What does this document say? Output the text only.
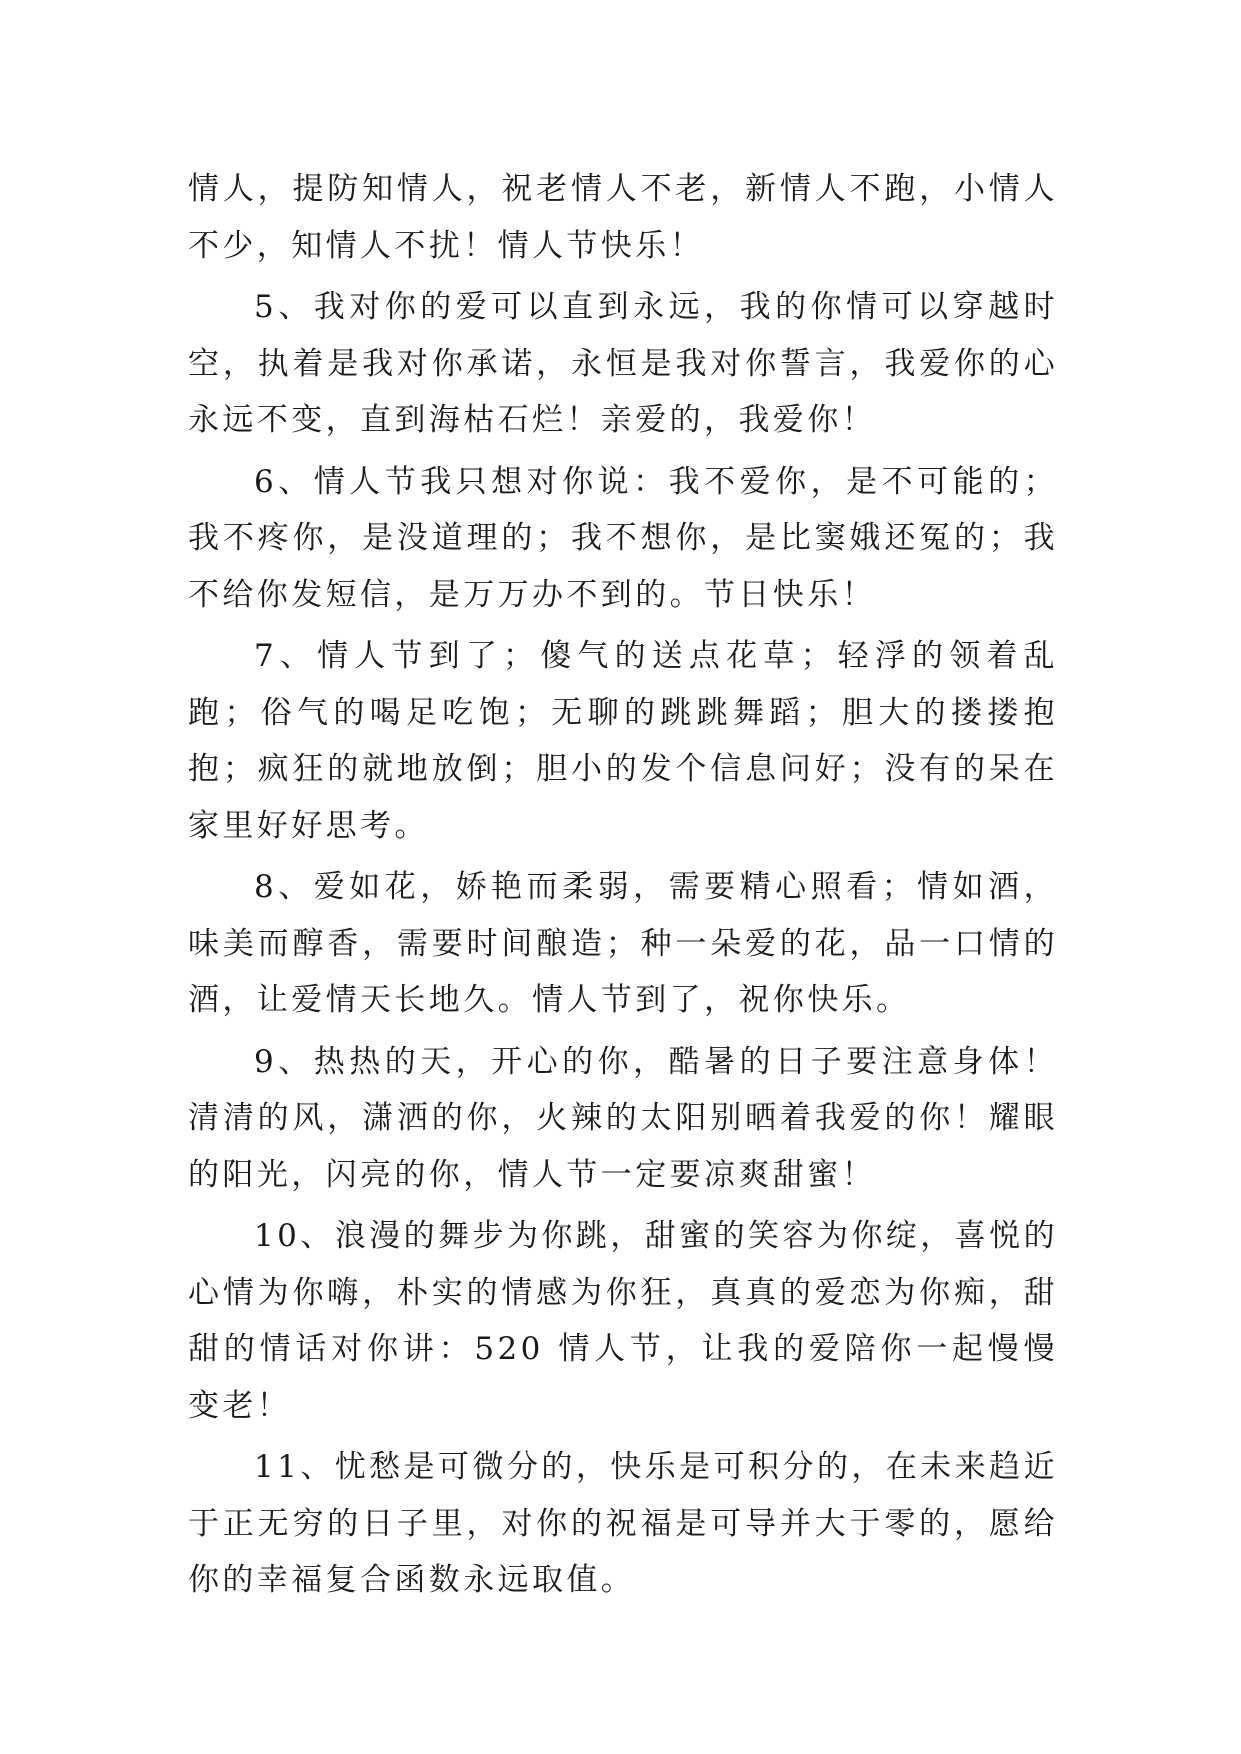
情人，提防知情人，祝老情人不老，新情人不跑，小情人不少，知情人不扰！情人节快乐！

5、我对你的爱可以直到永远，我的你情可以穿越时空，执着是我对你承诺，永恒是我对你誓言，我爱你的心永远不变，直到海枯石烂！亲爱的，我爱你！

6、情人节我只想对你说：我不爱你，是不可能的；我不疼你，是没道理的；我不想你，是比窦娥还冤的；我不给你发短信，是万万办不到的。节日快乐！

7、情人节到了；傻气的送点花草；轻浮的领着乱跑；俗气的喝足吃饱；无聊的跳跳舞蹈；胆大的搂搂抱抱；疯狂的就地放倒；胆小的发个信息问好；没有的呆在家里好好思考。

8、爱如花，娇艳而柔弱，需要精心照看；情如酒，味美而醇香，需要时间酿造；种一朵爱的花，品一口情的酒，让爱情天长地久。情人节到了，祝你快乐。

9、热热的天，开心的你，酷暑的日子要注意身体！清清的风，潇洒的你，火辣的太阳别晒着我爱的你！耀眼的阳光，闪亮的你，情人节一定要凉爽甜蜜！

10、浪漫的舞步为你跳，甜蜜的笑容为你绽，喜悦的心情为你嗨，朴实的情感为你狂，真真的爱恋为你痴，甜甜的情话对你讲：520 情人节，让我的爱陪你一起慢慢变老！

11、忧愁是可微分的，快乐是可积分的，在未来趋近于正无穷的日子里，对你的祝福是可导并大于零的，愿给你的幸福复合函数永远取值。
